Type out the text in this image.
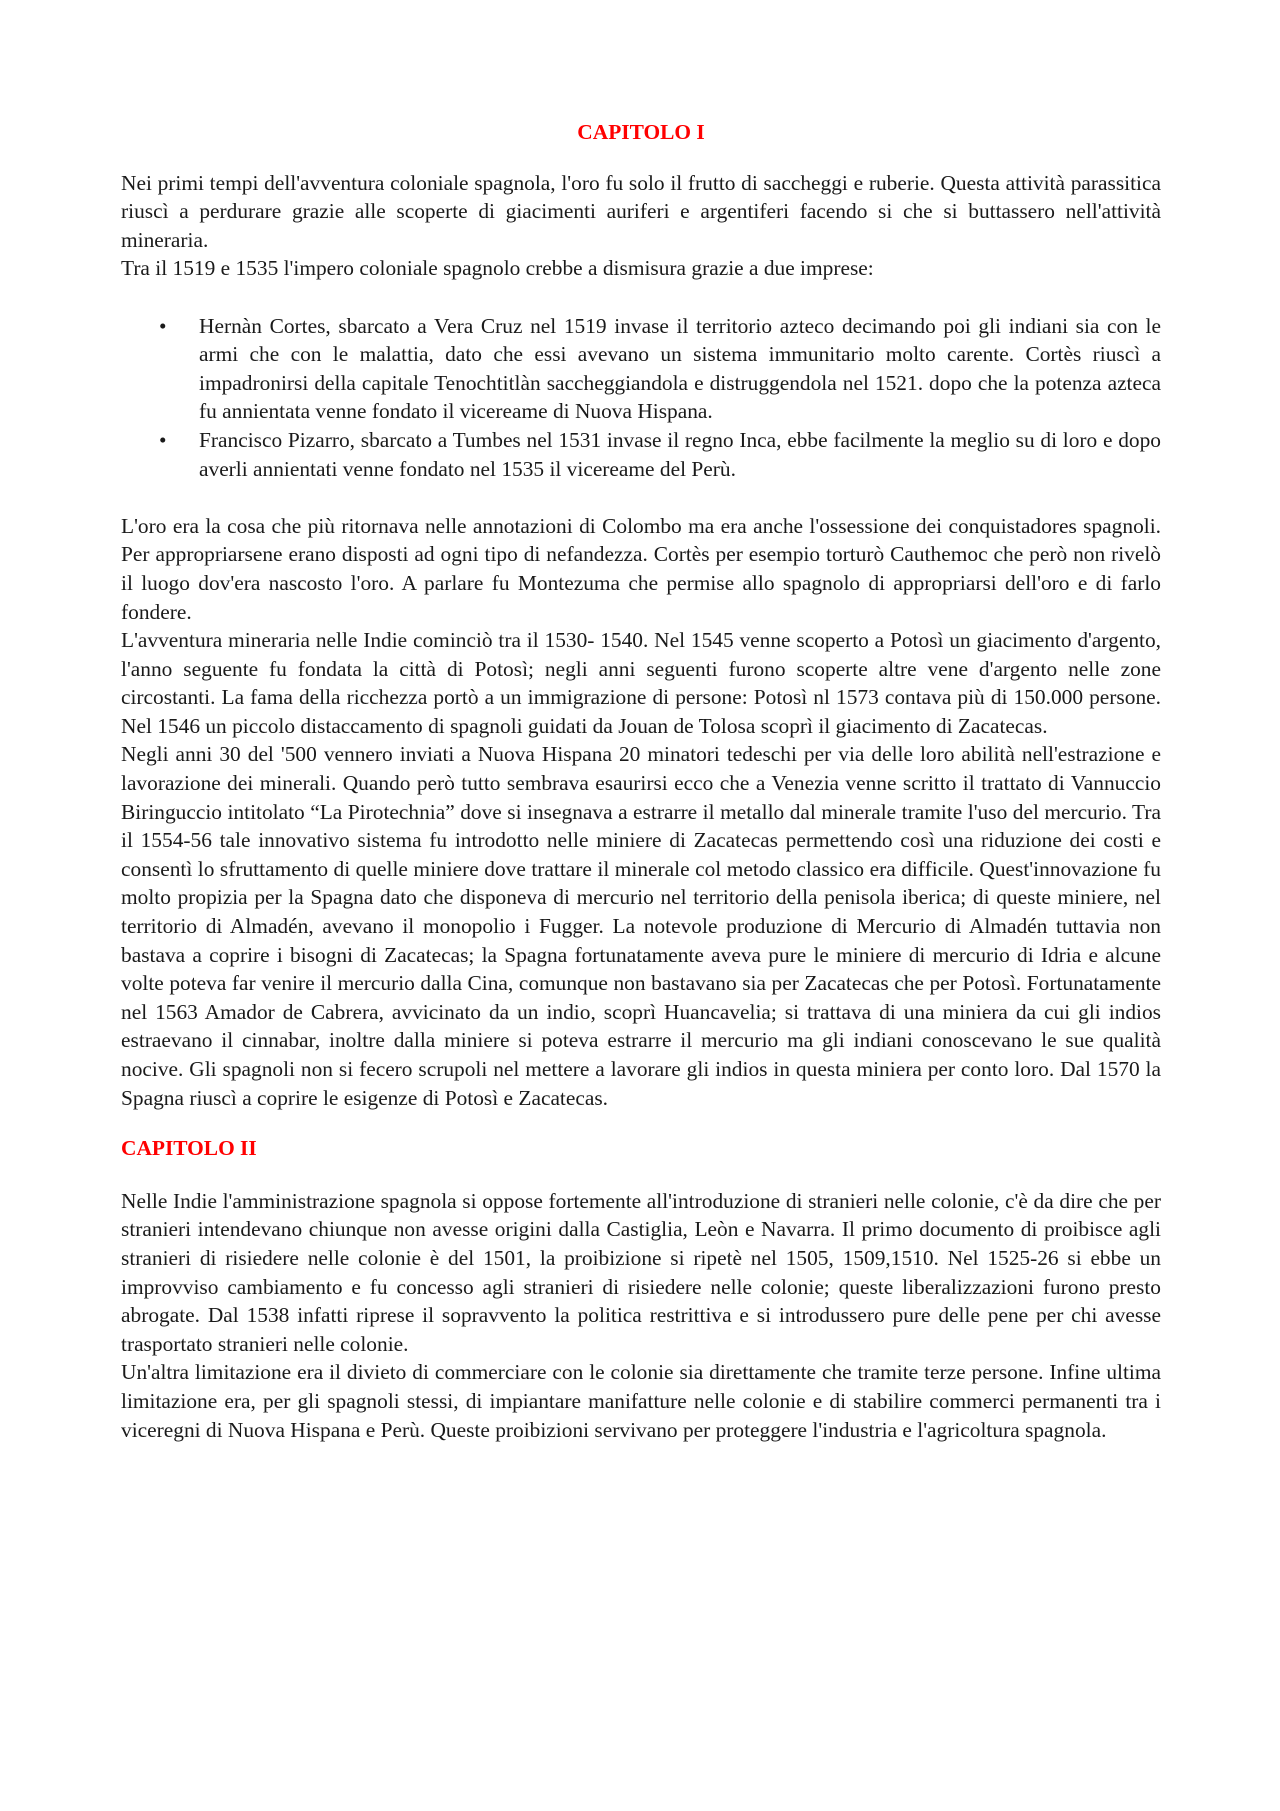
CAPITOLO I

Nei primi tempi dell'avventura coloniale spagnola, l'oro fu solo il frutto di saccheggi e ruberie. Questa attività parassitica riuscì a perdurare grazie alle scoperte di giacimenti auriferi e argentiferi facendo si che si buttassero nell'attività mineraria.

Tra il 1519 e 1535 l'impero coloniale spagnolo crebbe a dismisura grazie a due imprese:

• Hernàn Cortes, sbarcato a Vera Cruz nel 1519 invase il territorio azteco decimando poi gli indiani sia con le armi che con le malattia, dato che essi avevano un sistema immunitario molto carente. Cortès riuscì a impadronirsi della capitale Tenochtitlàn saccheggiandola e distruggendola nel 1521. dopo che la potenza azteca fu annientata venne fondato il vicereame di Nuova Hispana.
• Francisco Pizarro, sbarcato a Tumbes nel 1531 invase il regno Inca, ebbe facilmente la meglio su di loro e dopo averli annientati venne fondato nel 1535 il vicereame del Perù.

L'oro era la cosa che più ritornava nelle annotazioni di Colombo ma era anche l'ossessione dei conquistadores spagnoli. Per appropriarsene erano disposti ad ogni tipo di nefandezza. Cortès per esempio torturò Cauthemoc che però non rivelò il luogo dov'era nascosto l'oro. A parlare fu Montezuma che permise allo spagnolo di appropriarsi dell'oro e di farlo fondere.

L'avventura mineraria nelle Indie cominciò tra il 1530- 1540. Nel 1545 venne scoperto a Potosì un giacimento d'argento, l'anno seguente fu fondata la città di Potosì; negli anni seguenti furono scoperte altre vene d'argento nelle zone circostanti. La fama della ricchezza portò a un immigrazione di persone: Potosì nl 1573 contava più di 150.000 persone. Nel 1546 un piccolo distaccamento di spagnoli guidati da Jouan de Tolosa scoprì il giacimento di Zacatecas.

Negli anni 30 del '500 vennero inviati a Nuova Hispana 20 minatori tedeschi per via delle loro abilità nell'estrazione e lavorazione dei minerali. Quando però tutto sembrava esaurirsi ecco che a Venezia venne scritto il trattato di Vannuccio Biringuccio intitolato “La Pirotechnia” dove si insegnava a estrarre il metallo dal minerale tramite l'uso del mercurio. Tra il 1554-56 tale innovativo sistema fu introdotto nelle miniere di Zacatecas permettendo così una riduzione dei costi e consentì lo sfruttamento di quelle miniere dove trattare il minerale col metodo classico era difficile. Quest'innovazione fu molto propizia per la Spagna dato che disponeva di mercurio nel territorio della penisola iberica; di queste miniere, nel territorio di Almadén, avevano il monopolio i Fugger. La notevole produzione di Mercurio di Almadén tuttavia non bastava a coprire i bisogni di Zacatecas; la Spagna fortunatamente aveva pure le miniere di mercurio di Idria e alcune volte poteva far venire il mercurio dalla Cina, comunque non bastavano sia per Zacatecas che per Potosì. Fortunatamente nel 1563 Amador de Cabrera, avvicinato da un indio, scoprì Huancavelia; si trattava di una miniera da cui gli indios estraevano il cinnabar, inoltre dalla miniere si poteva estrarre il mercurio ma gli indiani conoscevano le sue qualità nocive. Gli spagnoli non si fecero scrupoli nel mettere a lavorare gli indios in questa miniera per conto loro. Dal 1570 la Spagna riuscì a coprire le esigenze di Potosì e Zacatecas.

CAPITOLO II

Nelle Indie l'amministrazione spagnola si oppose fortemente all'introduzione di stranieri nelle colonie, c'è da dire che per stranieri intendevano chiunque non avesse origini dalla Castiglia, Leòn e Navarra. Il primo documento di proibisce agli stranieri di risiedere nelle colonie è del 1501, la proibizione si ripetè nel 1505, 1509,1510. Nel 1525-26 si ebbe un improvviso cambiamento e fu concesso agli stranieri di risiedere nelle colonie; queste liberalizzazioni furono presto abrogate. Dal 1538 infatti riprese il sopravvento la politica restrittiva e si introdussero pure delle pene per chi avesse trasportato stranieri nelle colonie.

Un'altra limitazione era il divieto di commerciare con le colonie sia direttamente che tramite terze persone. Infine ultima limitazione era, per gli spagnoli stessi, di impiantare manifatture nelle colonie e di stabilire commerci permanenti tra i viceregni di Nuova Hispana e Perù. Queste proibizioni servivano per proteggere l'industria e l'agricoltura spagnola.
